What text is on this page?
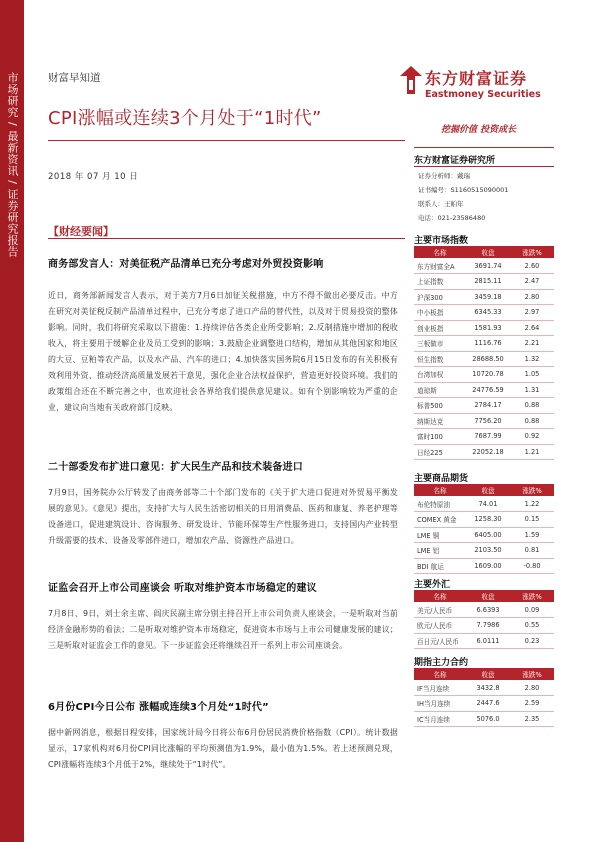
市场研究 / 最新资讯 / 证券研究报告	财富早知道
CPI涨幅或连续3个月处于“1时代”
2018 年 07 月 10 日
东方财富证券
Eastmoney Securities
挖掘价值 投资成长
【财经要闻】
商务部发言人：对美征税产品清单已充分考虑对外贸投资影响
近日，商务部新闻发言人表示，对于美方7月6日加征关税措施，中方不得不做出必要反击。中方在研究对美征税反制产品清单过程中，已充分考虑了进口产品的替代性，以及对于贸易投资的整体影响。同时，我们将研究采取以下措施：1.持续评估各类企业所受影响；2.反制措施中增加的税收收入，将主要用于缓解企业及员工受到的影响；3.鼓励企业调整进口结构，增加从其他国家和地区的大豆、豆粕等农产品，以及水产品、汽车的进口；4.加快落实国务院6月15日发布的有关积极有效利用外资、推动经济高质量发展若干意见，强化企业合法权益保护，营造更好投资环境。我们的政策组合还在不断完善之中，也欢迎社会各界给我们提供意见建议。如有个别影响较为严重的企业，建议向当地有关政府部门反映。
二十部委发布扩进口意见：扩大民生产品和技术装备进口
7月9日，国务院办公厅转发了由商务部等二十个部门发布的《关于扩大进口促进对外贸易平衡发展的意见》。《意见》提出，支持扩大与人民生活密切相关的日用消费品、医药和康复、养老护理等设备进口，促进建筑设计、咨询服务、研发设计、节能环保等生产性服务进口，支持国内产业转型升级需要的技术、设备及零部件进口，增加农产品、资源性产品进口。
证监会召开上市公司座谈会 听取对维护资本市场稳定的建议
7月8日、9日，刘士余主席、阎庆民副主席分别主持召开上市公司负责人座谈会，一是听取对当前经济金融形势的看法；二是听取对维护资本市场稳定，促进资本市场与上市公司健康发展的建议；三是听取对证监会工作的意见。下一步证监会还将继续召开一系列上市公司座谈会。
6月份CPI今日公布 涨幅或连续3个月处“1时代”
据中新网消息，根据日程安排，国家统计局今日将公布6月份居民消费价格指数（CPI）。统计数据显示，17家机构对6月份CPI同比涨幅的平均预测值为1.9%，最小值为1.5%。若上述预测兑现，CPI涨幅将连续3个月低于2%，继续处于“1时代”。
东方财富证券研究所
证券分析师：戴瑞
证书编号：S1160515090001
联系人：王帕年
电话：021-23586480
主要市场指数
名称	收盘	涨跌%
东方财富全A	3691.74	2.60
上证指数	2815.11	2.47
沪深300	3459.18	2.80
中小板指	6345.33	2.97
创业板指	1581.93	2.64
三板做市	1116.76	2.21
恒生指数	28688.50	1.32
台湾加权	10720.78	1.05
道琼斯	24776.59	1.31
标普500	2784.17	0.88
纳斯达克	7756.20	0.88
富时100	7687.99	0.92
日经225	22052.18	1.21
主要商品期货
名称	收盘	涨跌%
布伦特原油	74.01	1.22
COMEX 黄金	1258.30	0.15
LME 铜	6405.00	1.59
LME 铝	2103.50	0.81
BDI 航运	1609.00	-0.80
主要外汇
名称	收盘	涨跌%
美元/人民币	6.6393	0.09
欧元/人民币	7.7986	0.55
百日元/人民币	6.0111	0.23
期指主力合约
名称	收盘	涨跌%
IF当月连续	3432.8	2.80
IH当月连续	2447.6	2.59
IC当月连续	5076.0	2.35
